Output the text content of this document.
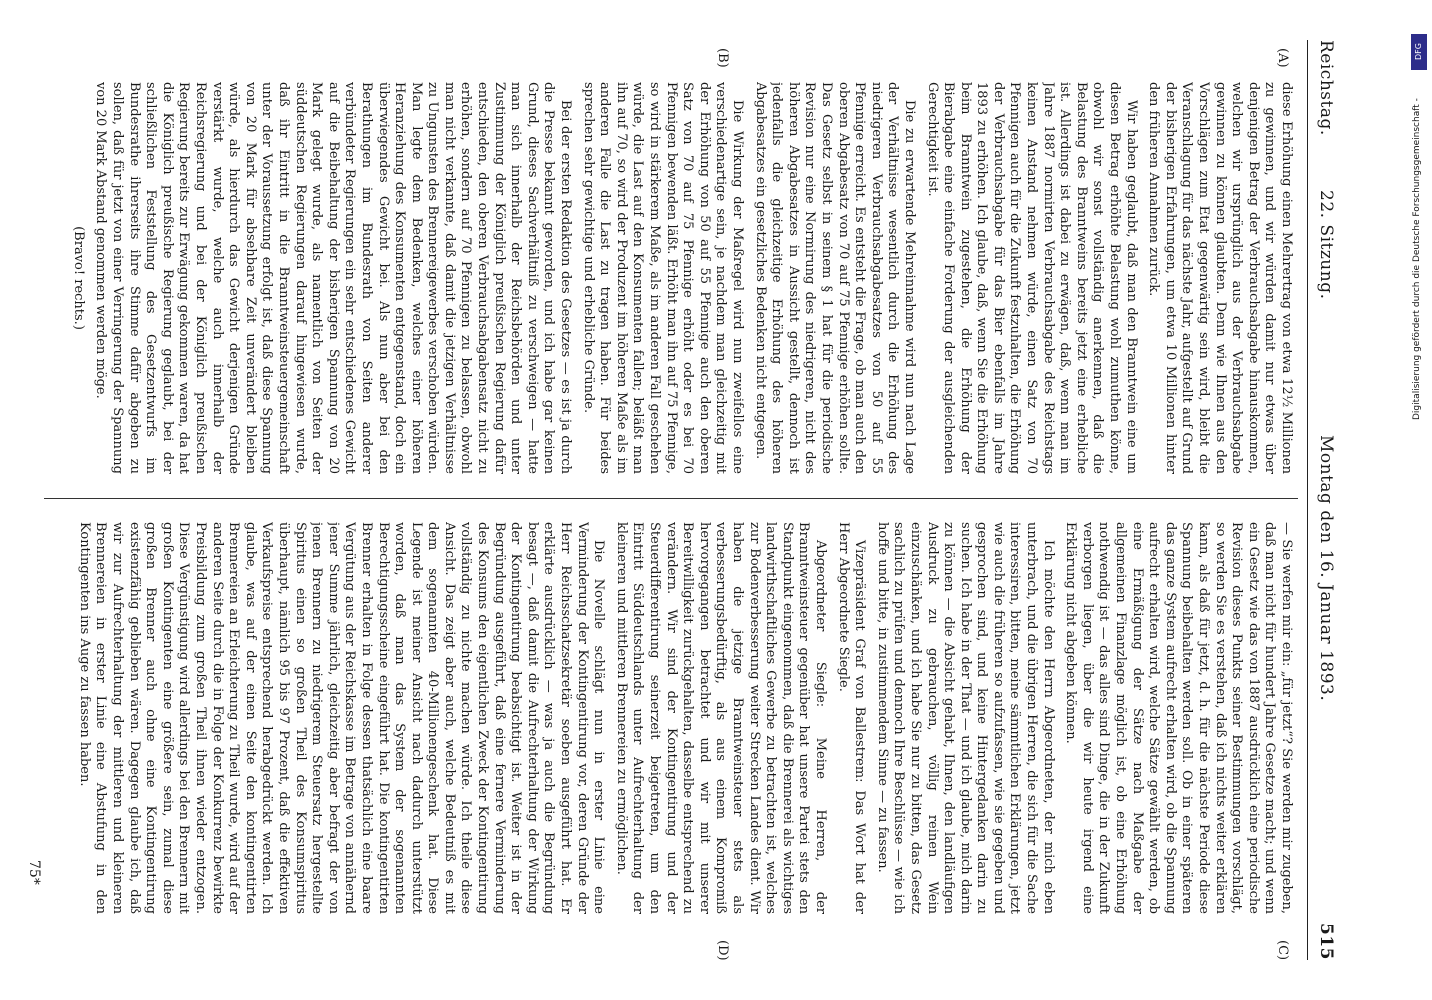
Reichstag.
22. Sitzung.
Montag den 16. Januar 1893.
515
(A)
(B)
(C)
(D)

diese Erhöhung einen Mehrertrag von etwa 12½ Millionen zu gewinnen, und wir würden damit nur etwas über denjenigen Betrag der Verbrauchsabgabe hinauskommen, welchen wir ursprünglich aus der Verbrauchsabgabe gewinnen zu können glaubten. Denn wie Ihnen aus den Vorschlägen zum Etat gegenwärtig sein wird, bleibt die Veranschlagung für das nächste Jahr, aufgestellt auf Grund der bisherigen Erfahrungen, um etwa 10 Millionen hinter den früheren Annahmen zurück.

Wir haben geglaubt, daß man den Branntwein eine um diesen Betrag erhöhte Belastung wohl zumuthen könne, obwohl wir sonst vollständig anerkennen, daß die Belastung des Branntweins bereits jetzt eine erhebliche ist. Allerdings ist dabei zu erwägen, daß, wenn man im Jahre 1887 normirten Verbrauchsabgabe des Reichstags keinen Anstand nehmen würde, einen Satz von 70 Pfennigen auch für die Zukunft festzuhalten, die Erhöhung der Verbrauchsabgabe für das Bier ebenfalls im Jahre 1893 zu erhöhen. Ich glaube, daß, wenn Sie die Erhöhung beim Branntwein zugestehen, die Erhöhung der Bierabgabe eine einfache Forderung der ausgleichenden Gerechtigkeit ist.

Die zu erwartende Mehreinnahme wird nun nach Lage der Verhältnisse wesentlich durch die Erhöhung des niedrigeren Verbrauchsabgabesatzes von 50 auf 55 Pfennige erreicht. Es entsteht die Frage, ob man auch den oberen Abgabesatz von 70 auf 75 Pfennige erhöhen sollte. Das Gesetz selbst in seinem § 1 hat für die periodische Revision nur eine Normirung des niedrigeren, nicht des höheren Abgabesatzes in Aussicht gestellt, dennoch ist jedenfalls die gleichzeitige Erhöhung des höheren Abgabesatzes ein gesetzliches Bedenken nicht entgegen.

Die Wirkung der Maßregel wird nun zweifellos eine verschiedenartige sein, je nachdem man gleichzeitig mit der Erhöhung von 50 auf 55 Pfennige auch den oberen Satz von 70 auf 75 Pfennige erhöht oder es bei 70 Pfennigen bewenden läßt. Erhöht man ihn auf 75 Pfennige, so wird in stärkerem Maße, als im anderen Fall geschehen würde, die Last auf den Konsumenten fallen; beläßt man ihn auf 70, so wird der Produzent im höheren Maße als im anderen Falle die Last zu tragen haben. Für beides sprechen sehr gewichtige und erhebliche Gründe.

Bei der ersten Redaktion des Gesetzes — es ist ja durch die Presse bekannt geworden, und ich habe gar keinen Grund, dieses Sachverhältniß zu verschweigen — hatte man sich innerhalb der Reichsbehörden und unter Zustimmung der Königlich preußischen Regierung dafür entschieden, den oberen Verbrauchsabgabensatz nicht zu erhöhen, sondern auf 70 Pfennigen zu belassen, obwohl man nicht verkannte, daß damit die jetzigen Verhältnisse zu Ungunsten des Brennereigewerbes verschoben würden. Man legte dem Bedenken, welches einer höheren Heranziehung des Konsumenten entgegenstand, doch ein überwiegendes Gewicht bei. Als nun aber bei den Berathungen im Bundesrath von Seiten anderer verbündeter Regierungen ein sehr entschiedenes Gewicht auf die Beibehaltung der bisherigen Spannung von 20 Mark gelegt wurde, als namentlich von Seiten der süddeutschen Regierungen darauf hingewiesen wurde, daß ihr Eintritt in die Branntweinsteuergemeinschaft unter der Voraussetzung erfolgt ist, daß diese Spannung von 20 Mark für absehbare Zeit unverändert bleiben würde, als hierdurch das Gewicht derjenigen Gründe verstärkt wurde, welche auch innerhalb der Reichsregierung und bei der Königlich preußischen Regierung bereits zur Erwägung gekommen waren, da hat die Königlich preußische Regierung geglaubt, bei der schließlichen Feststellung des Gesetzentwurfs im Bundesrathe ihrerseits ihre Stimme dafür abgeben zu sollen, daß für jetzt von einer Verringerung der Spannung von 20 Mark Abstand genommen werden möge.

(Bravo! rechts.)

— Sie werfen mir ein: „für jetzt“? Sie werden mir zugeben, daß man nicht für hundert Jahre Gesetze macht; und wenn ein Gesetz wie das von 1887 ausdrücklich eine periodische Revision dieses Punkts seiner Bestimmungen vorschlägt, so werden Sie es verstehen, daß ich nichts weiter erklären kann, als daß für jetzt, d. h. für die nächste Periode diese Spannung beibehalten werden soll. Ob in einer späteren das ganze System aufrecht erhalten wird, ob die Spannung aufrecht erhalten wird, welche Sätze gewählt werden, ob eine Ermäßigung der Sätze nach Maßgabe der allgemeinen Finanzlage möglich ist, ob eine Erhöhung nothwendig ist — das alles sind Dinge, die in der Zukunft verborgen liegen, über die wir heute irgend eine Erklärung nicht abgeben können.

Ich möchte den Herrn Abgeordneten, der mich eben unterbrach, und die übrigen Herren, die sich für die Sache interessiren, bitten, meine sämmtlichen Erklärungen, jetzt wie auch die früheren so aufzufassen, wie sie gegeben und gesprochen sind, und keine Hintergedanken darin zu suchen. Ich habe in der That — und ich glaube, mich darin zu können — die Absicht gehabt, Ihnen, den landläufigen Ausdruck zu gebrauchen, völlig reinen Wein einzuschänken, und ich habe Sie nur zu bitten, das Gesetz sachlich zu prüfen und dennoch Ihre Beschlüsse — wie ich hoffe und bitte, in zustimmendem Sinne — zu fassen.

Vizepräsident Graf von Ballestrem: Das Wort hat der Herr Abgeordnete Siegle.

Abgeordneter Siegle: Meine Herren, der Branntweinsteuer gegenüber hat unsere Partei stets den Standpunkt eingenommen, daß die Brennerei als wichtiges landwirthschaftliches Gewerbe zu betrachten ist, welches zur Bodenverbesserung weiter Strecken Landes dient. Wir haben die jetzige Branntweinsteuer stets als verbesserungsbedürftig, als aus einem Kompromiß hervorgegangen betrachtet und wir mit unserer Bereitwilligkeit zurückgehalten, dasselbe entsprechend zu verändern. Wir sind der Kontingentirung und der Steuerdifferentirung seinerzeit beigetreten, um den Eintritt Süddeutschlands unter Aufrechterhaltung der kleineren und mittleren Brennereien zu ermöglichen.

Die Novelle schlägt nun in erster Linie eine Verminderung der Kontingentirung vor, deren Gründe der Herr Reichsschatzsekretär soeben ausgeführt hat. Er erklärte ausdrücklich — was ja auch die Begründung besagt —, daß damit die Aufrechterhaltung der Wirkung der Kontingentirung beabsichtigt ist. Weiter ist in der Begründung ausgeführt, daß eine fernere Verminderung des Konsums den eigentlichen Zweck der Kontingentirung vollständig zu nichte machen würde. Ich theile diese Ansicht. Das zeigt aber auch, welche Bedeutniß es mit dem sogenannten 40-Millionengeschenk hat. Diese Legende ist meiner Ansicht nach dadurch unterstützt worden, daß man das System der sogenannten Berechtigungsscheine eingeführt hat. Die kontingentirten Brenner erhalten in Folge dessen thatsächlich eine baare Vergütung aus der Reichskasse im Betrage von annähernd jener Summe jährlich, gleichzeitig aber befragt der von jenen Brennern zu niedrigerem Steuersatz hergestellte Spiritus einen so großen Theil des Konsumspiritus überhaupt, nämlich 95 bis 97 Prozent, daß die effektiven Verkaufspreise entsprechend herabgedrückt werden. Ich glaube, was auf der einen Seite den kontingentirten Brennereien an Erleichterung zu Theil wurde, wird auf der anderen Seite durch die in Folge der Konkurrenz bewirkte Preisbildung zum großen Theil ihnen wieder entzogen. Diese Vergünstigung wird allerdings bei den Brennern mit großen Kontingenten eine größere sein, zumal diese großen Brenner auch ohne eine Kontingentirung existenzfähig geblieben wären. Dagegen glaube ich, daß wir zur Aufrechterhaltung der mittleren und kleineren Brennereien in erster Linie eine Abstufung in den Kontingenten ins Auge zu fassen haben.

75*
DFG
Digitalisierung gefördert durch die Deutsche Forschungsgemeinschaft -
